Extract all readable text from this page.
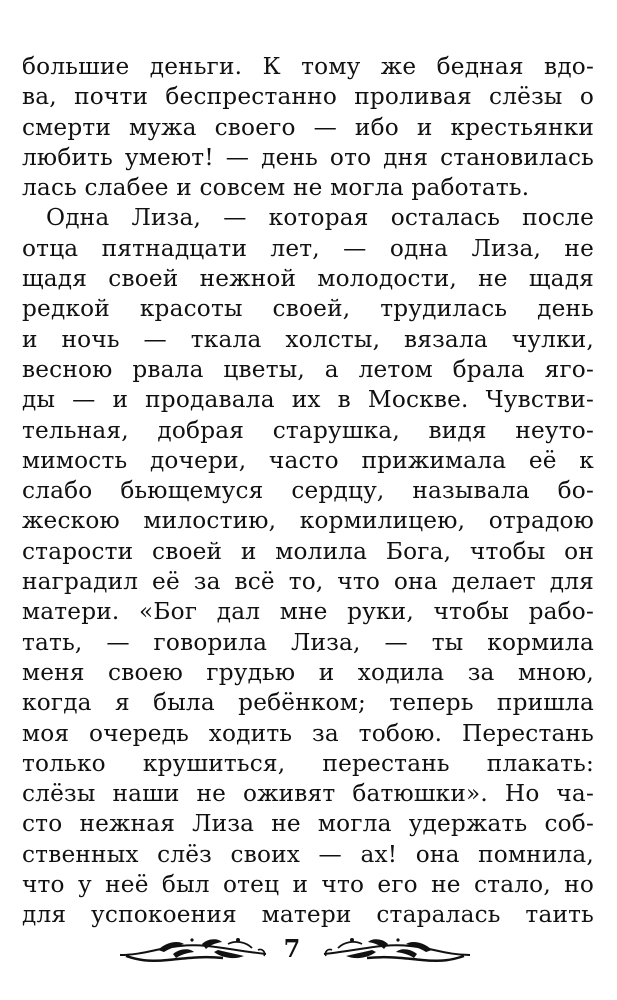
большие деньги. К тому же бедная вдо-
ва, почти беспрестанно проливая слёзы о
смерти мужа своего — ибо и крестьянки
любить умеют! — день ото дня становилась
лась слабее и совсем не могла работать.
Одна Лиза, — которая осталась после
отца пятнадцати лет, — одна Лиза, не
щадя своей нежной молодости, не щадя
редкой красоты своей, трудилась день
и ночь — ткала холсты, вязала чулки,
весною рвала цветы, а летом брала яго-
ды — и продавала их в Москве. Чувстви-
тельная, добрая старушка, видя неуто-
мимость дочери, часто прижимала её к
слабо бьющемуся сердцу, называла бо-
жескою милостию, кормилицею, отрадою
старости своей и молила Бога, чтобы он
наградил её за всё то, что она делает для
матери. «Бог дал мне руки, чтобы рабо-
тать, — говорила Лиза, — ты кормила
меня своею грудью и ходила за мною,
когда я была ребёнком; теперь пришла
моя очередь ходить за тобою. Перестань
только крушиться, перестань плакать:
слёзы наши не оживят батюшки». Но ча-
сто нежная Лиза не могла удержать соб-
ственных слёз своих — ах! она помнила,
что у неё был отец и что его не стало, но
для успокоения матери старалась таить
7
